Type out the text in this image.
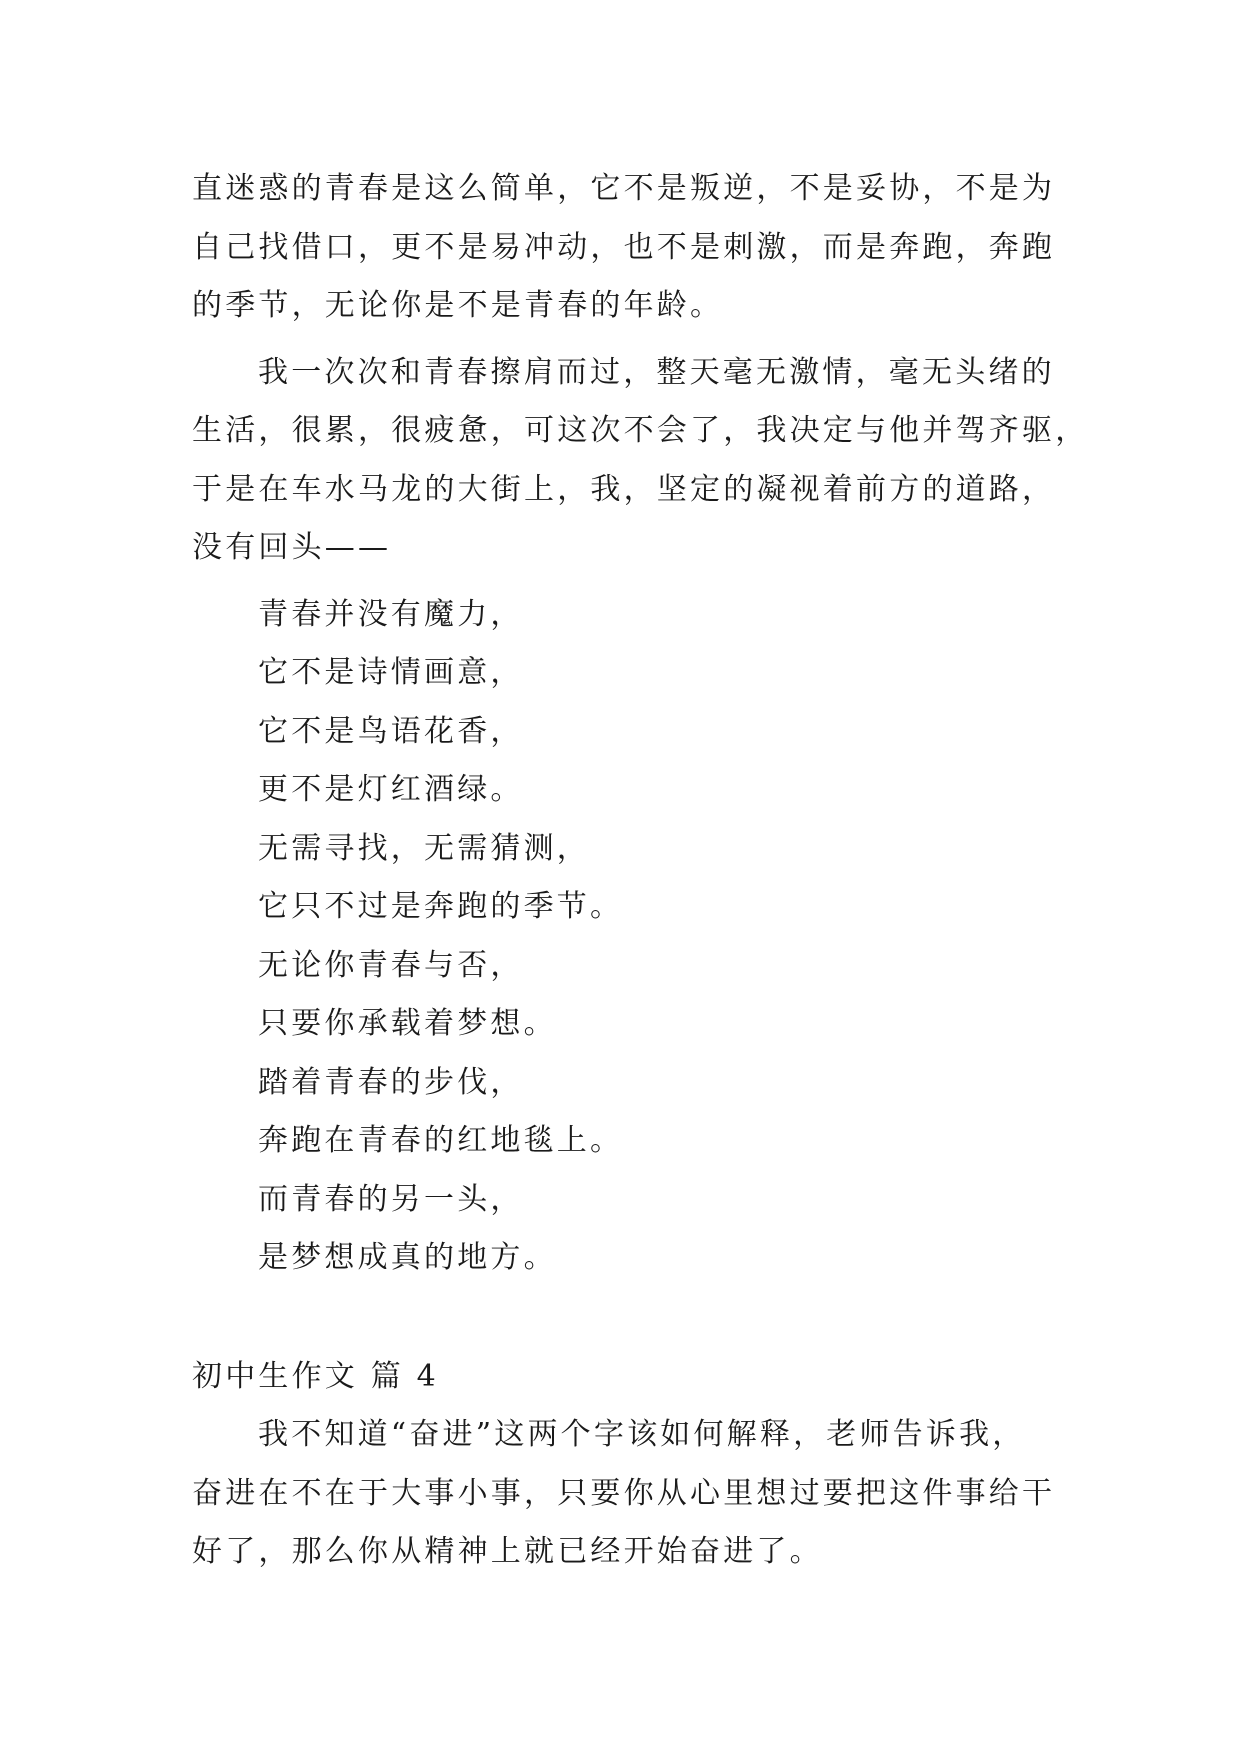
直迷惑的青春是这么简单，它不是叛逆，不是妥协，不是为
自己找借口，更不是易冲动，也不是刺激，而是奔跑，奔跑
的季节，无论你是不是青春的年龄。
我一次次和青春擦肩而过，整天毫无激情，毫无头绪的
生活，很累，很疲惫，可这次不会了，我决定与他并驾齐驱，
于是在车水马龙的大街上，我，坚定的凝视着前方的道路，
没有回头——
青春并没有魔力，
它不是诗情画意，
它不是鸟语花香，
更不是灯红酒绿。
无需寻找，无需猜测，
它只不过是奔跑的季节。
无论你青春与否，
只要你承载着梦想。
踏着青春的步伐，
奔跑在青春的红地毯上。
而青春的另一头，
是梦想成真的地方。
初中生作文 篇 4
我不知道“奋进”这两个字该如何解释，老师告诉我，
奋进在不在于大事小事，只要你从心里想过要把这件事给干
好了，那么你从精神上就已经开始奋进了。
